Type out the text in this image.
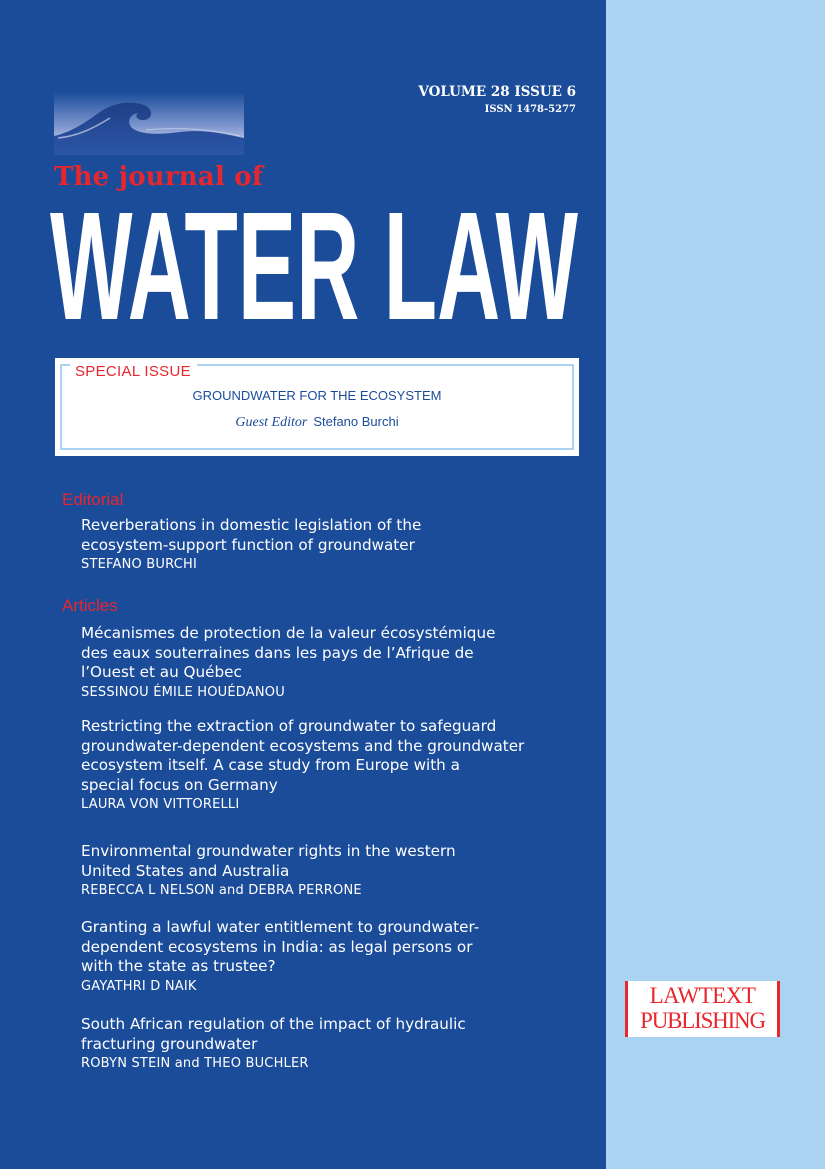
VOLUME 28 ISSUE 6
ISSN 1478-5277
The journal of
WATER LAW
SPECIAL ISSUE
GROUNDWATER FOR THE ECOSYSTEM
Guest Editor Stefano Burchi
Editorial
Reverberations in domestic legislation of the
ecosystem-support function of groundwater
STEFANO BURCHI
Articles
Mécanismes de protection de la valeur écosystémique
des eaux souterraines dans les pays de l’Afrique de
l’Ouest et au Québec
SESSINOU ÉMILE HOUÉDANOU
Restricting the extraction of groundwater to safeguard
groundwater-dependent ecosystems and the groundwater
ecosystem itself. A case study from Europe with a
special focus on Germany
LAURA VON VITTORELLI
Environmental groundwater rights in the western
United States and Australia
REBECCA L NELSON and DEBRA PERRONE
Granting a lawful water entitlement to groundwater-
dependent ecosystems in India: as legal persons or
with the state as trustee?
GAYATHRI D NAIK
South African regulation of the impact of hydraulic
fracturing groundwater
ROBYN STEIN and THEO BUCHLER
LAWTEXT
PUBLISHING
